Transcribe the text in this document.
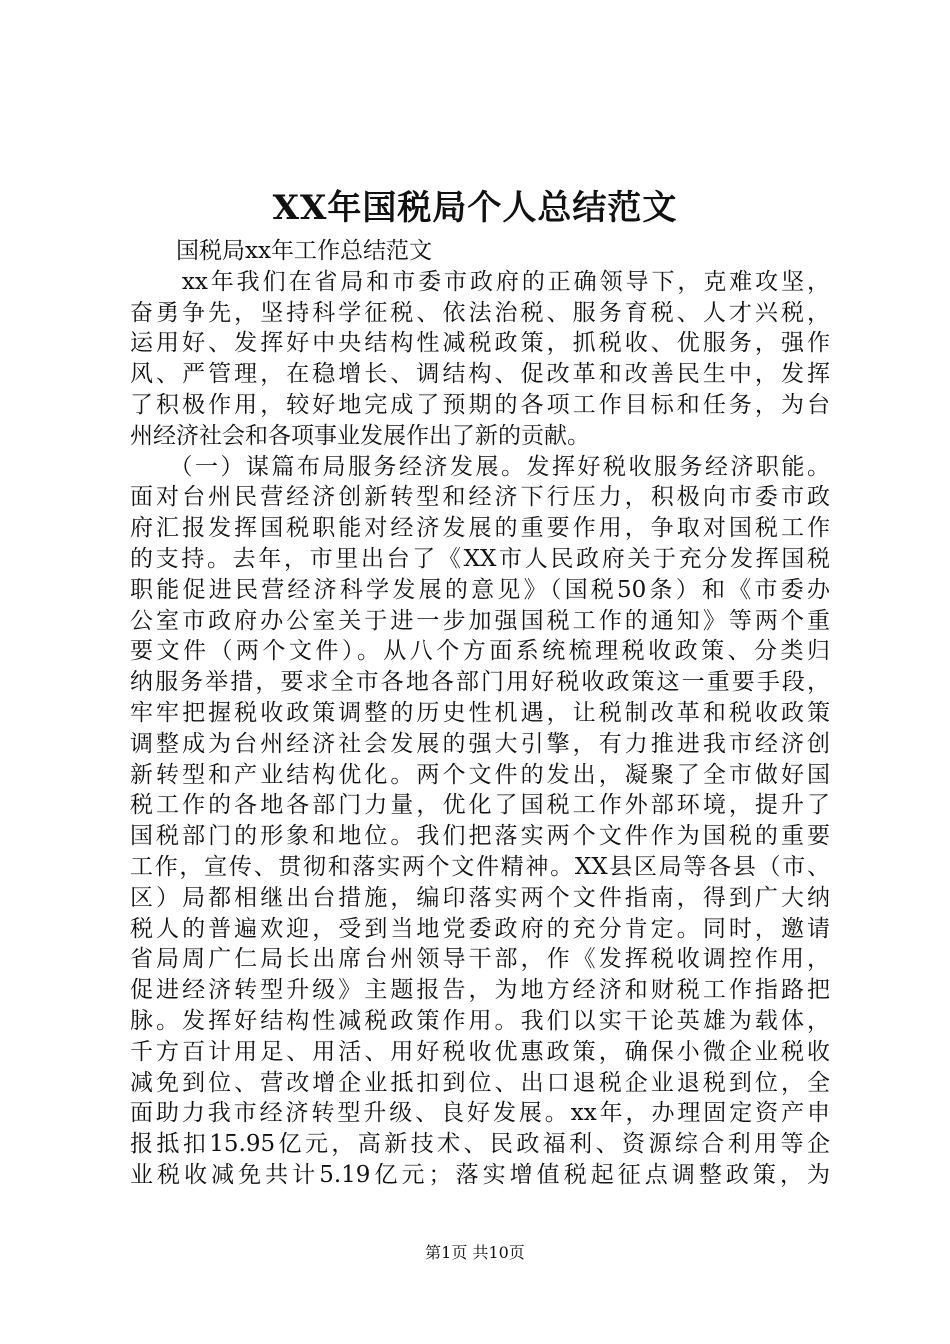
XX年国税局个人总结范文
　　国税局xx年工作总结范文
　　xx年我们在省局和市委市政府的正确领导下，克难攻坚，
奋勇争先，坚持科学征税、依法治税、服务育税、人才兴税，
运用好、发挥好中央结构性减税政策，抓税收、优服务，强作
风、严管理，在稳增长、调结构、促改革和改善民生中，发挥
了积极作用，较好地完成了预期的各项工作目标和任务，为台
州经济社会和各项事业发展作出了新的贡献。
　　（一）谋篇布局服务经济发展。发挥好税收服务经济职能。
面对台州民营经济创新转型和经济下行压力，积极向市委市政
府汇报发挥国税职能对经济发展的重要作用，争取对国税工作
的支持。去年，市里出台了《XX市人民政府关于充分发挥国税
职能促进民营经济科学发展的意见》（国税50条）和《市委办
公室市政府办公室关于进一步加强国税工作的通知》等两个重
要文件（两个文件）。从八个方面系统梳理税收政策、分类归
纳服务举措，要求全市各地各部门用好税收政策这一重要手段，
牢牢把握税收政策调整的历史性机遇，让税制改革和税收政策
调整成为台州经济社会发展的强大引擎，有力推进我市经济创
新转型和产业结构优化。两个文件的发出，凝聚了全市做好国
税工作的各地各部门力量，优化了国税工作外部环境，提升了
国税部门的形象和地位。我们把落实两个文件作为国税的重要
工作，宣传、贯彻和落实两个文件精神。XX县区局等各县（市、
区）局都相继出台措施，编印落实两个文件指南，得到广大纳
税人的普遍欢迎，受到当地党委政府的充分肯定。同时，邀请
省局周广仁局长出席台州领导干部，作《发挥税收调控作用，
促进经济转型升级》主题报告，为地方经济和财税工作指路把
脉。发挥好结构性减税政策作用。我们以实干论英雄为载体，
千方百计用足、用活、用好税收优惠政策，确保小微企业税收
减免到位、营改增企业抵扣到位、出口退税企业退税到位，全
面助力我市经济转型升级、良好发展。xx年，办理固定资产申
报抵扣15.95亿元，高新技术、民政福利、资源综合利用等企
业税收减免共计5.19亿元；落实增值税起征点调整政策，为
第1页 共10页
